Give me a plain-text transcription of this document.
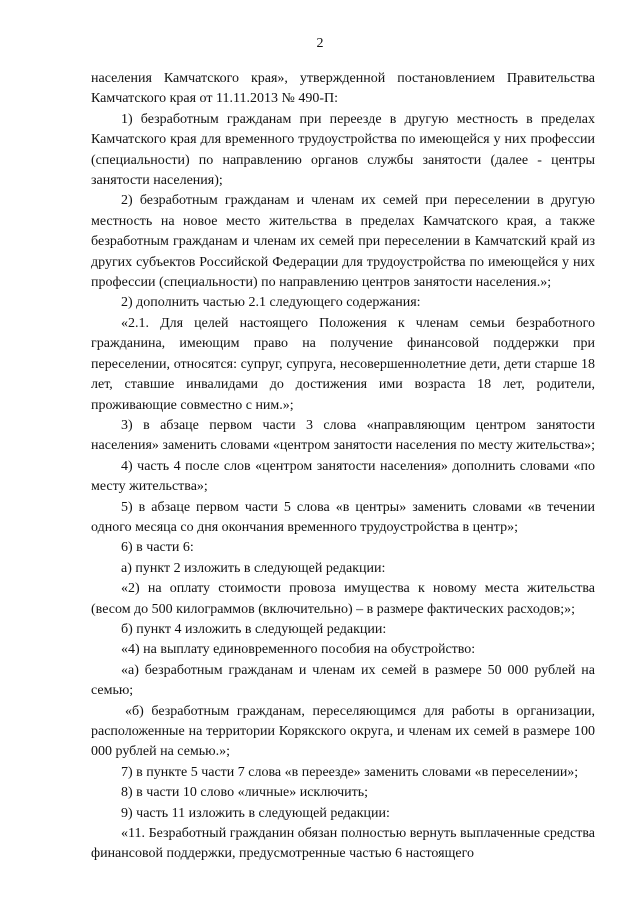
2

населения Камчатского края», утвержденной постановлением Правительства Камчатского края от 11.11.2013 № 490-П:

1) безработным гражданам при переезде в другую местность в пределах Камчатского края для временного трудоустройства по имеющейся у них профессии (специальности) по направлению органов службы занятости (далее - центры занятости населения);

2) безработным гражданам и членам их семей при переселении в другую местность на новое место жительства в пределах Камчатского края, а также безработным гражданам и членам их семей при переселении в Камчатский край из других субъектов Российской Федерации для трудоустройства по имеющейся у них профессии (специальности) по направлению центров занятости населения.»;

2) дополнить частью 2.1 следующего содержания:

«2.1. Для целей настоящего Положения к членам семьи безработного гражданина, имеющим право на получение финансовой поддержки при переселении, относятся: супруг, супруга, несовершеннолетние дети, дети старше 18 лет, ставшие инвалидами до достижения ими возраста 18 лет, родители, проживающие совместно с ним.»;

3) в абзаце первом части 3 слова «направляющим центром занятости населения» заменить словами «центром занятости населения по месту жительства»;

4) часть 4 после слов «центром занятости населения» дополнить словами «по месту жительства»;

5) в абзаце первом части 5 слова «в центры» заменить словами «в течении одного месяца со дня окончания временного трудоустройства в центр»;

6) в части 6:

а) пункт 2 изложить в следующей редакции:

«2) на оплату стоимости провоза имущества к новому места жительства (весом до 500 килограммов (включительно) – в размере фактических расходов;»;

б) пункт 4 изложить в следующей редакции:

«4) на выплату единовременного пособия на обустройство:

«а) безработным гражданам и членам их семей в размере 50 000 рублей на семью;

«б) безработным гражданам, переселяющимся для работы в организации, расположенные на территории Корякского округа, и членам их семей в размере 100 000 рублей на семью.»;

7) в пункте 5 части 7 слова «в переезде» заменить словами «в переселении»;

8) в части 10 слово «личные» исключить;

9) часть 11 изложить в следующей редакции:

«11. Безработный гражданин обязан полностью вернуть выплаченные средства финансовой поддержки, предусмотренные частью 6 настоящего
